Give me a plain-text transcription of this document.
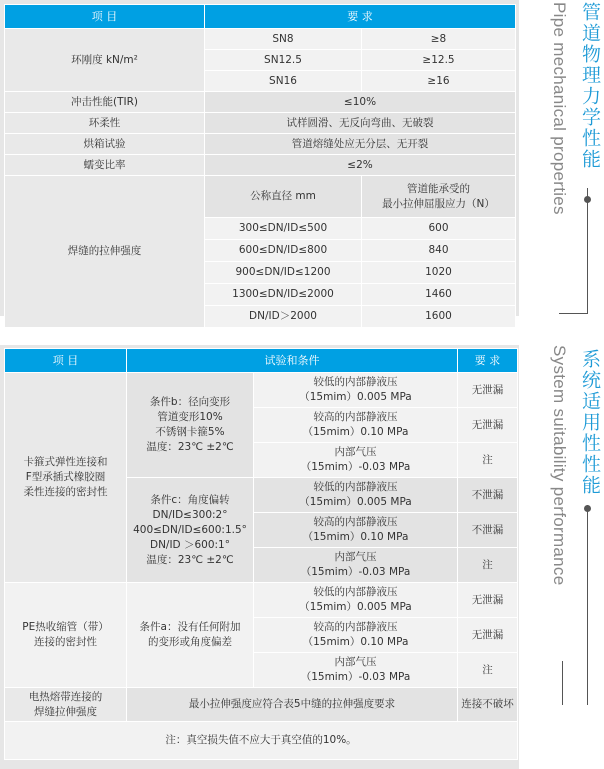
项 目	要 求	
环刚度 kN/m²	SN8	≥8
	SN12.5	≥12.5
	SN16	≥16
冲击性能(TIR)	≤10%	
环柔性	试样圆滑、无反向弯曲、无破裂	
烘箱试验	管道熔缝处应无分层、无开裂	
蠕变比率	≤2%	
焊缝的拉伸强度	公称直径 mm	管道能承受的
最小拉伸屈服应力（N）
	300≤DN/ID≤500	600
	600≤DN/ID≤800	840
	900≤DN/ID≤1200	1020
	1300≤DN/ID≤2000	1460
	DN/ID＞2000	1600
管道物理力学性能
Pipe mechanical properties
项 目	试验和条件		要 求
卡箍式弹性连接和
F型承插式橡胶圈
柔性连接的密封性	条件b：径向变形
管道变形10%
不锈钢卡箍5%
温度：23℃ ±2℃	较低的内部静液压
（15mim）0.005 MPa	无泄漏
		较高的内部静液压
（15mim）0.10 MPa	无泄漏
		内部气压
（15mim）-0.03 MPa	注
	条件c：角度偏转
DN/ID≤300:2°
400≤DN/ID≤600:1.5°
DN/ID ＞600:1°
温度：23℃ ±2℃	较低的内部静液压
（15mim）0.005 MPa	不泄漏
		较高的内部静液压
（15mim）0.10 MPa	不泄漏
		内部气压
（15mim）-0.03 MPa	注
PE热收缩管（带）
连接的密封性	条件a：没有任何附加
的变形或角度偏差	较低的内部静液压
（15mim）0.005 MPa	无泄漏
		较高的内部静液压
（15mim）0.10 MPa	无泄漏
		内部气压
（15mim）-0.03 MPa	注
电热熔带连接的
焊缝拉伸强度	最小拉伸强度应符合表5中缝的拉伸强度要求		连接不破坏
注：真空损失值不应大于真空值的10%。			
系统适用性性能
System suitability performance
